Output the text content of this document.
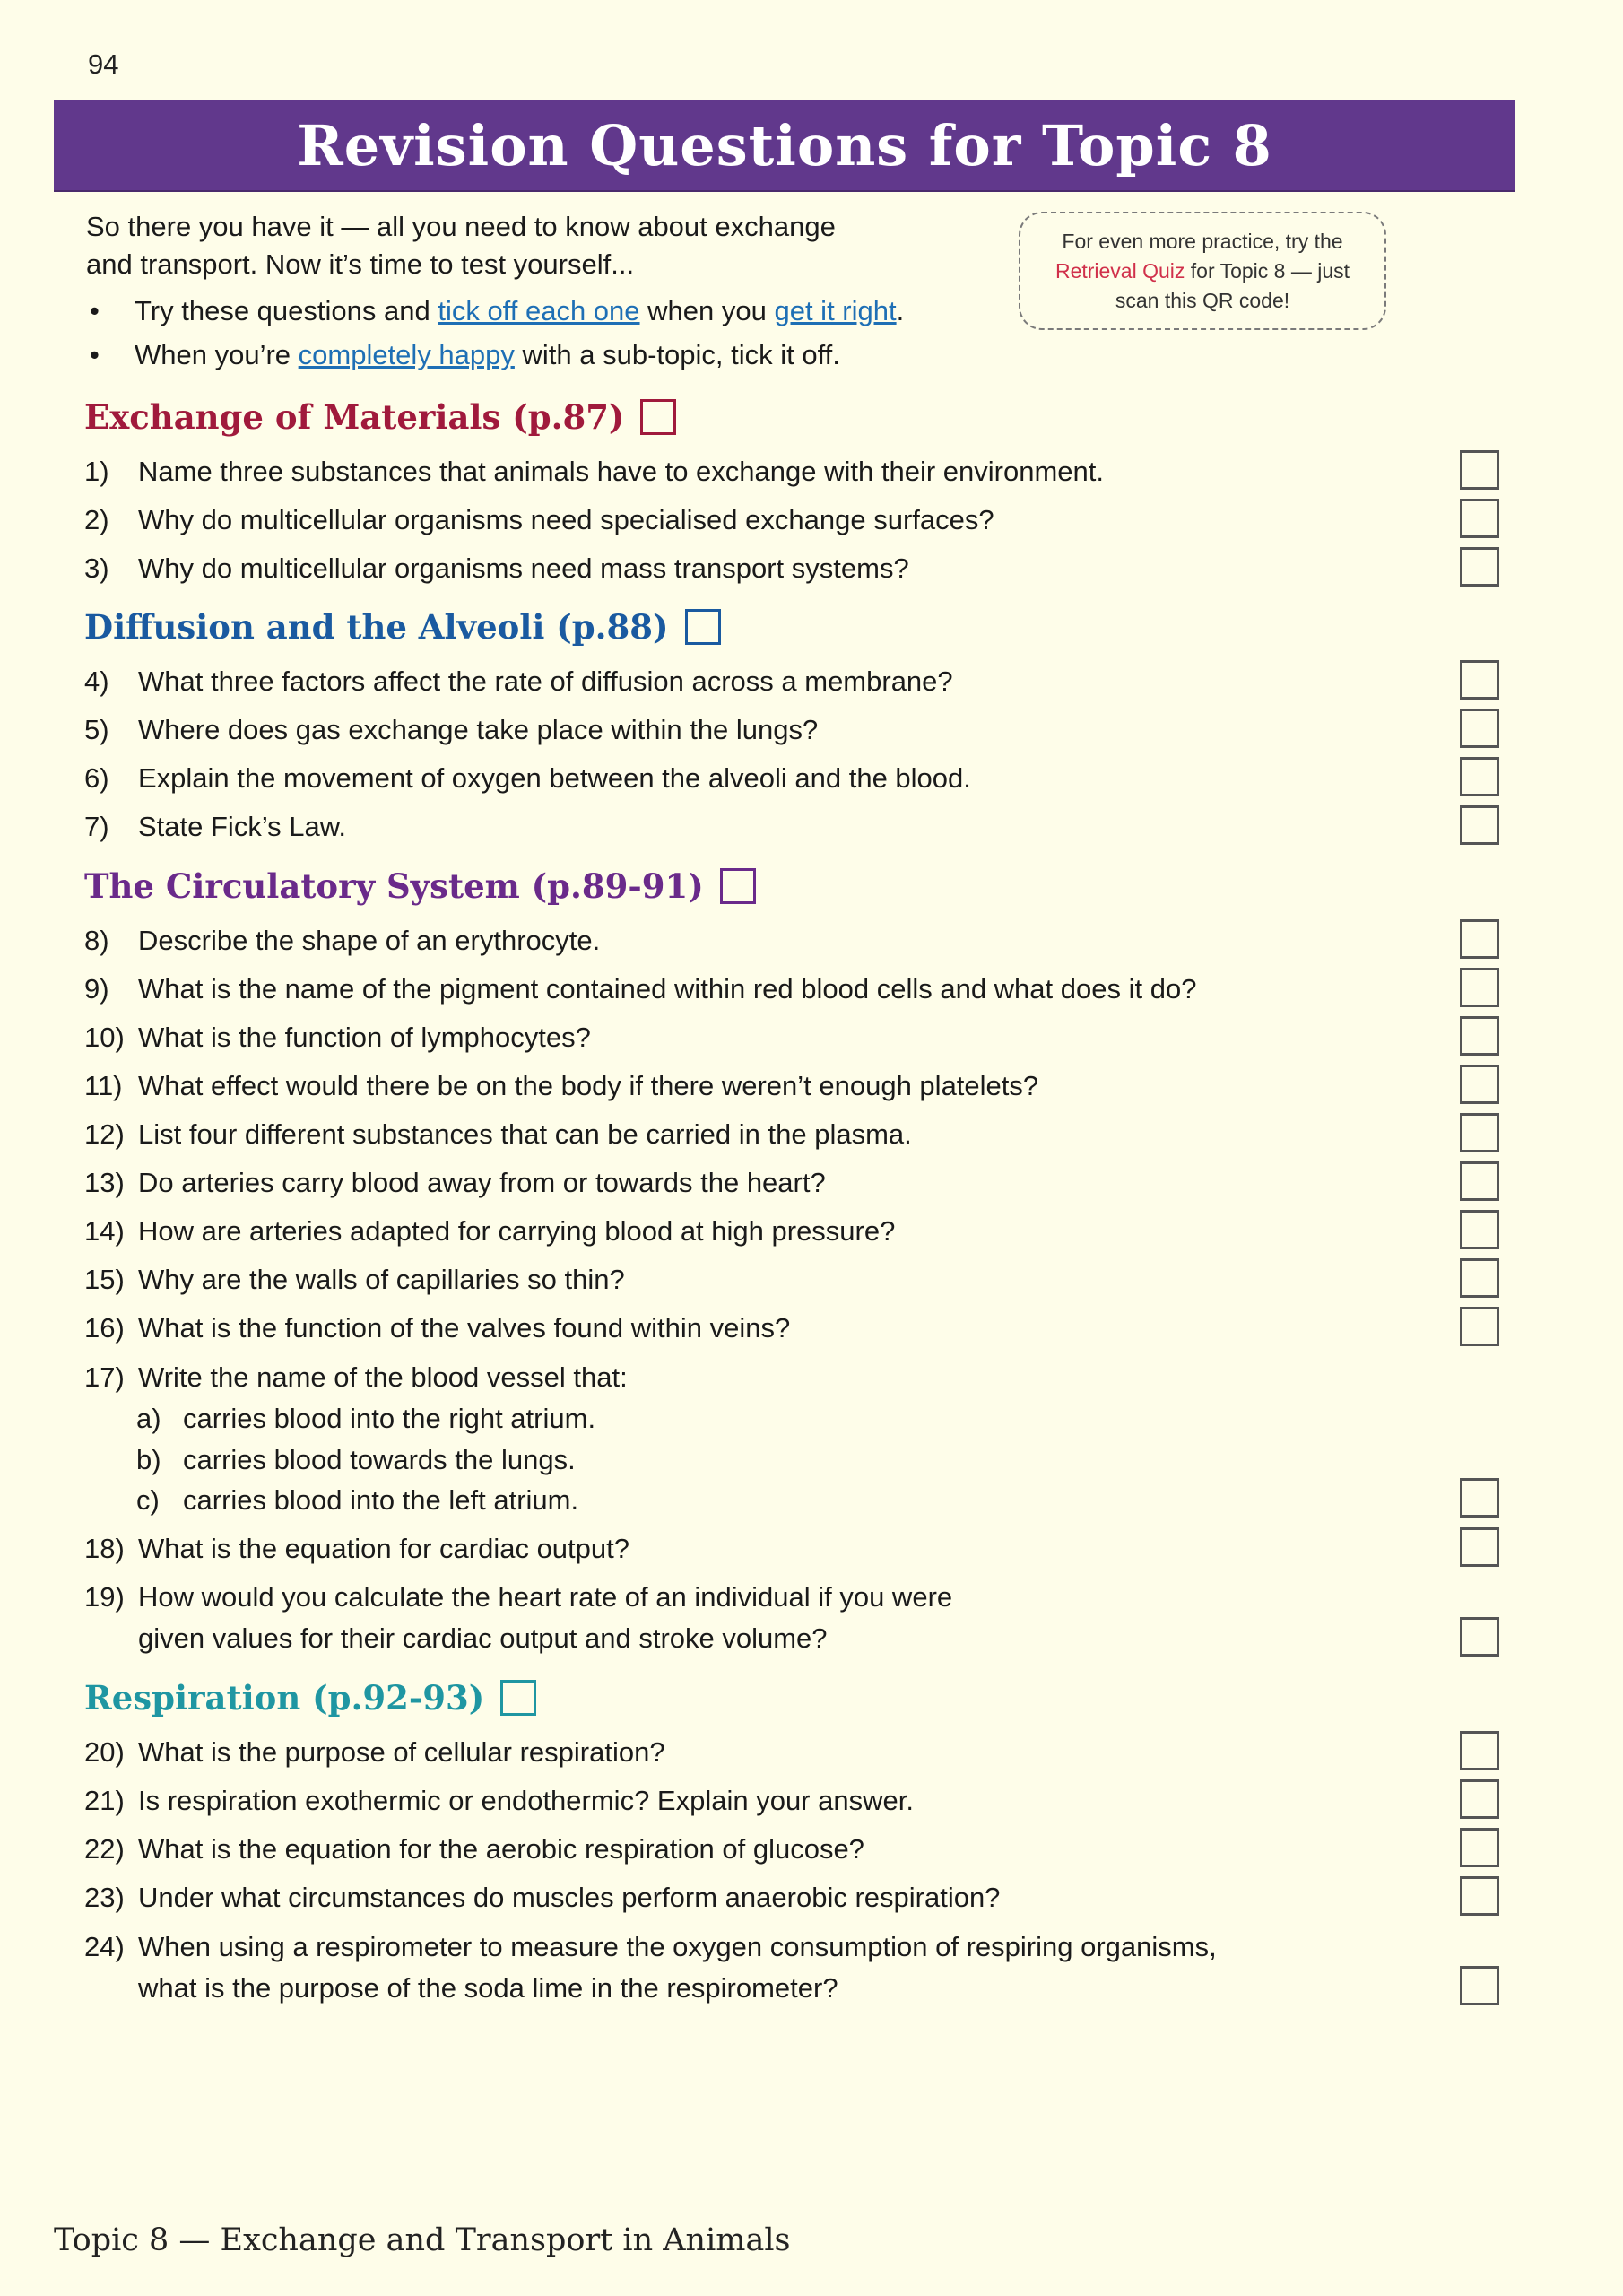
94
Revision Questions for Topic 8

So there you have it — all you need to know about exchange

and transport. Now it’s time to test yourself...

• Try these questions and tick off each one when you get it right.
• When you’re completely happy with a sub-topic, tick it off.
For even more practice, try the Retrieval Quiz for Topic 8 — just scan this QR code!
Exchange of Materials (p.87)
1) Name three substances that animals have to exchange with their environment.
2) Why do multicellular organisms need specialised exchange surfaces?
3) Why do multicellular organisms need mass transport systems?
Diffusion and the Alveoli (p.88)
4) What three factors affect the rate of diffusion across a membrane?
5) Where does gas exchange take place within the lungs?
6) Explain the movement of oxygen between the alveoli and the blood.
7) State Fick’s Law.
The Circulatory System (p.89-91)
8) Describe the shape of an erythrocyte.
9) What is the name of the pigment contained within red blood cells and what does it do?
10) What is the function of lymphocytes?
11) What effect would there be on the body if there weren’t enough platelets?
12) List four different substances that can be carried in the plasma.
13) Do arteries carry blood away from or towards the heart?
14) How are arteries adapted for carrying blood at high pressure?
15) Why are the walls of capillaries so thin?
16) What is the function of the valves found within veins?
17) Write the name of the blood vessel that:
a) carries blood into the right atrium.
b) carries blood towards the lungs.
c) carries blood into the left atrium.
18) What is the equation for cardiac output?
19) How would you calculate the heart rate of an individual if you were
given values for their cardiac output and stroke volume?
Respiration (p.92-93)
20) What is the purpose of cellular respiration?
21) Is respiration exothermic or endothermic? Explain your answer.
22) What is the equation for the aerobic respiration of glucose?
23) Under what circumstances do muscles perform anaerobic respiration?
24) When using a respirometer to measure the oxygen consumption of respiring organisms,
what is the purpose of the soda lime in the respirometer?
Topic 8 — Exchange and Transport in Animals
